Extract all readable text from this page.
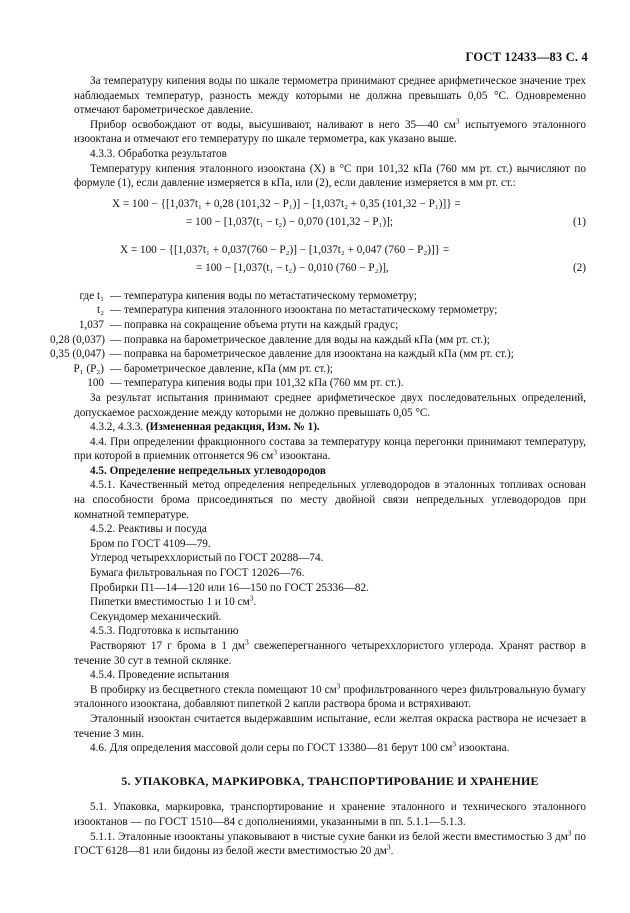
ГОСТ 12433—83 С. 4

За температуру кипения воды по шкале термометра принимают среднее арифметическое значение трех наблюдаемых температур, разность между которыми не должна превышать 0,05 °С. Одновременно отмечают барометрическое давление.

Прибор освобождают от воды, высушивают, наливают в него 35—40 $см^3$ испытуемого эталонного изооктана и отмечают его температуру по шкале термометра, как указано выше.

4.3.3. Обработка результатов

Температуру кипения эталонного изооктана (X) в °С при 101,32 кПа (760 мм рт. ст.) вычисляют по формуле (1), если давление измеряется в кПа, или (2), если давление измеряется в мм рт. ст.:

X = 100 − {[1,037t₁ + 0,28 (101,32 − P₁)] − [1,037t₂ + 0,35 (101,32 − P₁)]} =
= 100 − [1,037(t₁ − t₂) − 0,070 (101,32 − P₁)];	(1)
X = 100 − {[1,037t₁ + 0,037(760 − P₂)] − [1,037t₂ + 0,047 (760 − P₂)]} =
= 100 − [1,037(t₁ − t₂) − 0,010 (760 − P₂)],	(2)
где t₁ — температура кипения воды по метастатическому термометру;
t₂ — температура кипения эталонного изооктана по метастатическому термометру;
1,037 — поправка на сокращение объема ртути на каждый градус;
0,28 (0,037) — поправка на барометрическое давление для воды на каждый кПа (мм рт. ст.);
0,35 (0,047) — поправка на барометрическое давление для изооктана на каждый кПа (мм рт. ст.);
P₁ (P₂) — барометрическое давление, кПа (мм рт. ст.);
100 — температура кипения воды при 101,32 кПа (760 мм рт. ст.).

За результат испытания принимают среднее арифметическое двух последовательных определений, допускаемое расхождение между которыми не должно превышать 0,05 °С.

4.3.2, 4.3.3. (Измененная редакция, Изм. № 1).

4.4. При определении фракционного состава за температуру конца перегонки принимают температуру, при которой в приемник отгоняется 96 $см^3$ изооктана.

4.5. Определение непредельных углеводородов

4.5.1. Качественный метод определения непредельных углеводородов в эталонных топливах основан на способности брома присоединяться по месту двойной связи непредельных углеводородов при комнатной температуре.

4.5.2. Реактивы и посуда

Бром по ГОСТ 4109—79.

Углерод четыреххлористый по ГОСТ 20288—74.

Бумага фильтровальная по ГОСТ 12026—76.

Пробирки П1—14—120 или 16—150 по ГОСТ 25336—82.

Пипетки вместимостью 1 и 10 $см^3$.

Секундомер механический.

4.5.3. Подготовка к испытанию

Растворяют 17 г брома в 1 $дм^3$ свежеперегнанного четыреххлористого углерода. Хранят раствор в течение 30 сут в темной склянке.

4.5.4. Проведение испытания

В пробирку из бесцветного стекла помещают 10 $см^3$ профильтрованного через фильтровальную бумагу эталонного изооктана, добавляют пипеткой 2 капли раствора брома и встряхивают.

Эталонный изооктан считается выдержавшим испытание, если желтая окраска раствора не исчезает в течение 3 мин.

4.6. Для определения массовой доли серы по ГОСТ 13380—81 берут 100 $см^3$ изооктана.

5. УПАКОВКА, МАРКИРОВКА, ТРАНСПОРТИРОВАНИЕ И ХРАНЕНИЕ

5.1. Упаковка, маркировка, транспортирование и хранение эталонного и технического эталонного изооктанов — по ГОСТ 1510—84 с дополнениями, указанными в пп. 5.1.1—5.1.3.

5.1.1. Эталонные изооктаны упаковывают в чистые сухие банки из белой жести вместимостью 3 $дм^3$ по ГОСТ 6128—81 или бидоны из белой жести вместимостью 20 $дм^3$.
